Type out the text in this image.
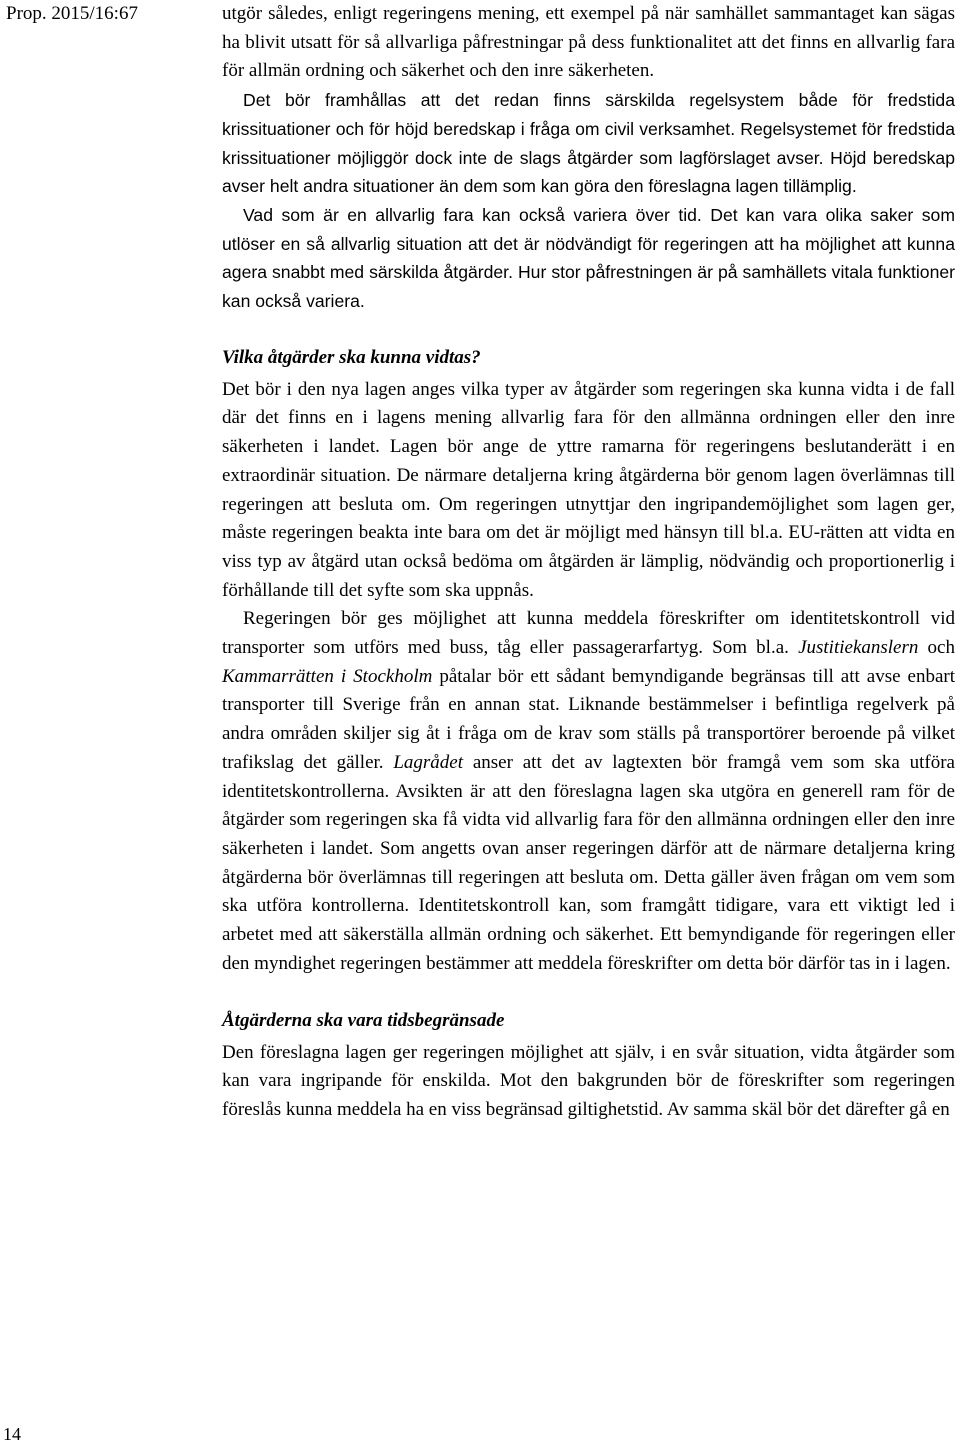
Prop. 2015/16:67	utgör således, enligt regeringens mening, ett exempel på när samhället sammantaget kan sägas ha blivit utsatt för så allvarliga påfrestningar på dess funktionalitet att det finns en allvarlig fara för allmän ordning och säkerhet och den inre säkerheten.

Det bör framhållas att det redan finns särskilda regelsystem både för fredstida krissituationer och för höjd beredskap i fråga om civil verksamhet. Regelsystemet för fredstida krissituationer möjliggör dock inte de slags åtgärder som lagförslaget avser. Höjd beredskap avser helt andra situationer än dem som kan göra den föreslagna lagen tillämplig.

Vad som är en allvarlig fara kan också variera över tid. Det kan vara olika saker som utlöser en så allvarlig situation att det är nödvändigt för regeringen att ha möjlighet att kunna agera snabbt med särskilda åtgärder. Hur stor påfrestningen är på samhällets vitala funktioner kan också variera.

Vilka åtgärder ska kunna vidtas?

Det bör i den nya lagen anges vilka typer av åtgärder som regeringen ska kunna vidta i de fall där det finns en i lagens mening allvarlig fara för den allmänna ordningen eller den inre säkerheten i landet. Lagen bör ange de yttre ramarna för regeringens beslutanderätt i en extraordinär situation. De närmare detaljerna kring åtgärderna bör genom lagen överlämnas till regeringen att besluta om. Om regeringen utnyttjar den ingripandemöjlighet som lagen ger, måste regeringen beakta inte bara om det är möjligt med hänsyn till bl.a. EU-rätten att vidta en viss typ av åtgärd utan också bedöma om åtgärden är lämplig, nödvändig och proportionerlig i förhållande till det syfte som ska uppnås.

Regeringen bör ges möjlighet att kunna meddela föreskrifter om identitetskontroll vid transporter som utförs med buss, tåg eller passagerarfartyg. Som bl.a. Justitiekanslern och Kammarrätten i Stockholm påtalar bör ett sådant bemyndigande begränsas till att avse enbart transporter till Sverige från en annan stat. Liknande bestämmelser i befintliga regelverk på andra områden skiljer sig åt i fråga om de krav som ställs på transportörer beroende på vilket trafikslag det gäller. Lagrådet anser att det av lagtexten bör framgå vem som ska utföra identitetskontrollerna. Avsikten är att den föreslagna lagen ska utgöra en generell ram för de åtgärder som regeringen ska få vidta vid allvarlig fara för den allmänna ordningen eller den inre säkerheten i landet. Som angetts ovan anser regeringen därför att de närmare detaljerna kring åtgärderna bör överlämnas till regeringen att besluta om. Detta gäller även frågan om vem som ska utföra kontrollerna. Identitetskontroll kan, som framgått tidigare, vara ett viktigt led i arbetet med att säkerställa allmän ordning och säkerhet. Ett bemyndigande för regeringen eller den myndighet regeringen bestämmer att meddela föreskrifter om detta bör därför tas in i lagen.

Åtgärderna ska vara tidsbegränsade

Den föreslagna lagen ger regeringen möjlighet att själv, i en svår situation, vidta åtgärder som kan vara ingripande för enskilda. Mot den bakgrunden bör de föreskrifter som regeringen föreslås kunna meddela ha en viss begränsad giltighetstid. Av samma skäl bör det därefter gå en

14
